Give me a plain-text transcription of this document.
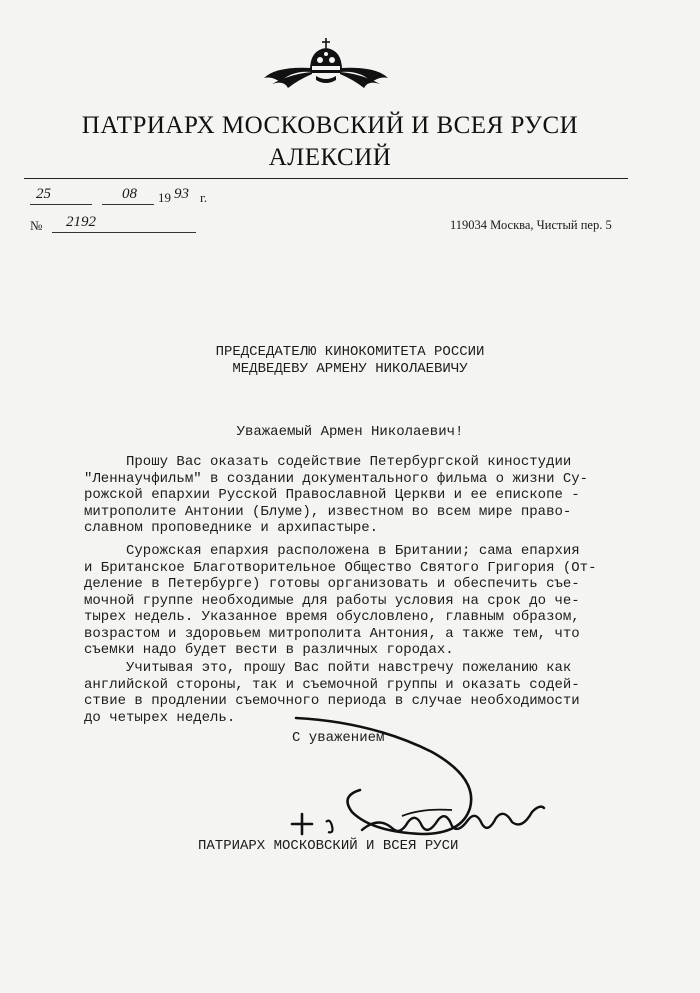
ПАТРИАРХ МОСКОВСКИЙ И ВСЕЯ РУСИ
АЛЕКСИЙ
25	08 19 93 г.
№ 2192	119034 Москва, Чистый пер. 5
ПРЕДСЕДАТЕЛЮ КИНОКОМИТЕТА РОССИИ
МЕДВЕДЕВУ АРМЕНУ НИКОЛАЕВИЧУ
Уважаемый Армен Николаевич!
Прошу Вас оказать содействие Петербургской киностудии
"Леннаучфильм" в создании документального фильма о жизни Су-
рожской епархии Русской Православной Церкви и ее епископе -
митрополите Антонии (Блуме), известном во всем мире право-
славном проповеднике и архипастыре.
Сурожская епархия расположена в Британии; сама епархия
и Британское Благотворительное Общество Святого Григория (От-
деление в Петербурге) готовы организовать и обеспечить съе-
мочной группе необходимые для работы условия на срок до че-
тырех недель. Указанное время обусловлено, главным образом,
возрастом и здоровьем митрополита Антония, а также тем, что
съемки надо будет вести в различных городах.
Учитывая это, прошу Вас пойти навстречу пожеланию как
английской стороны, так и съемочной группы и оказать содей-
ствие в продлении съемочного периода в случае необходимости
до четырех недель.
С уважением
ПАТРИАРХ МОСКОВСКИЙ И ВСЕЯ РУСИ
